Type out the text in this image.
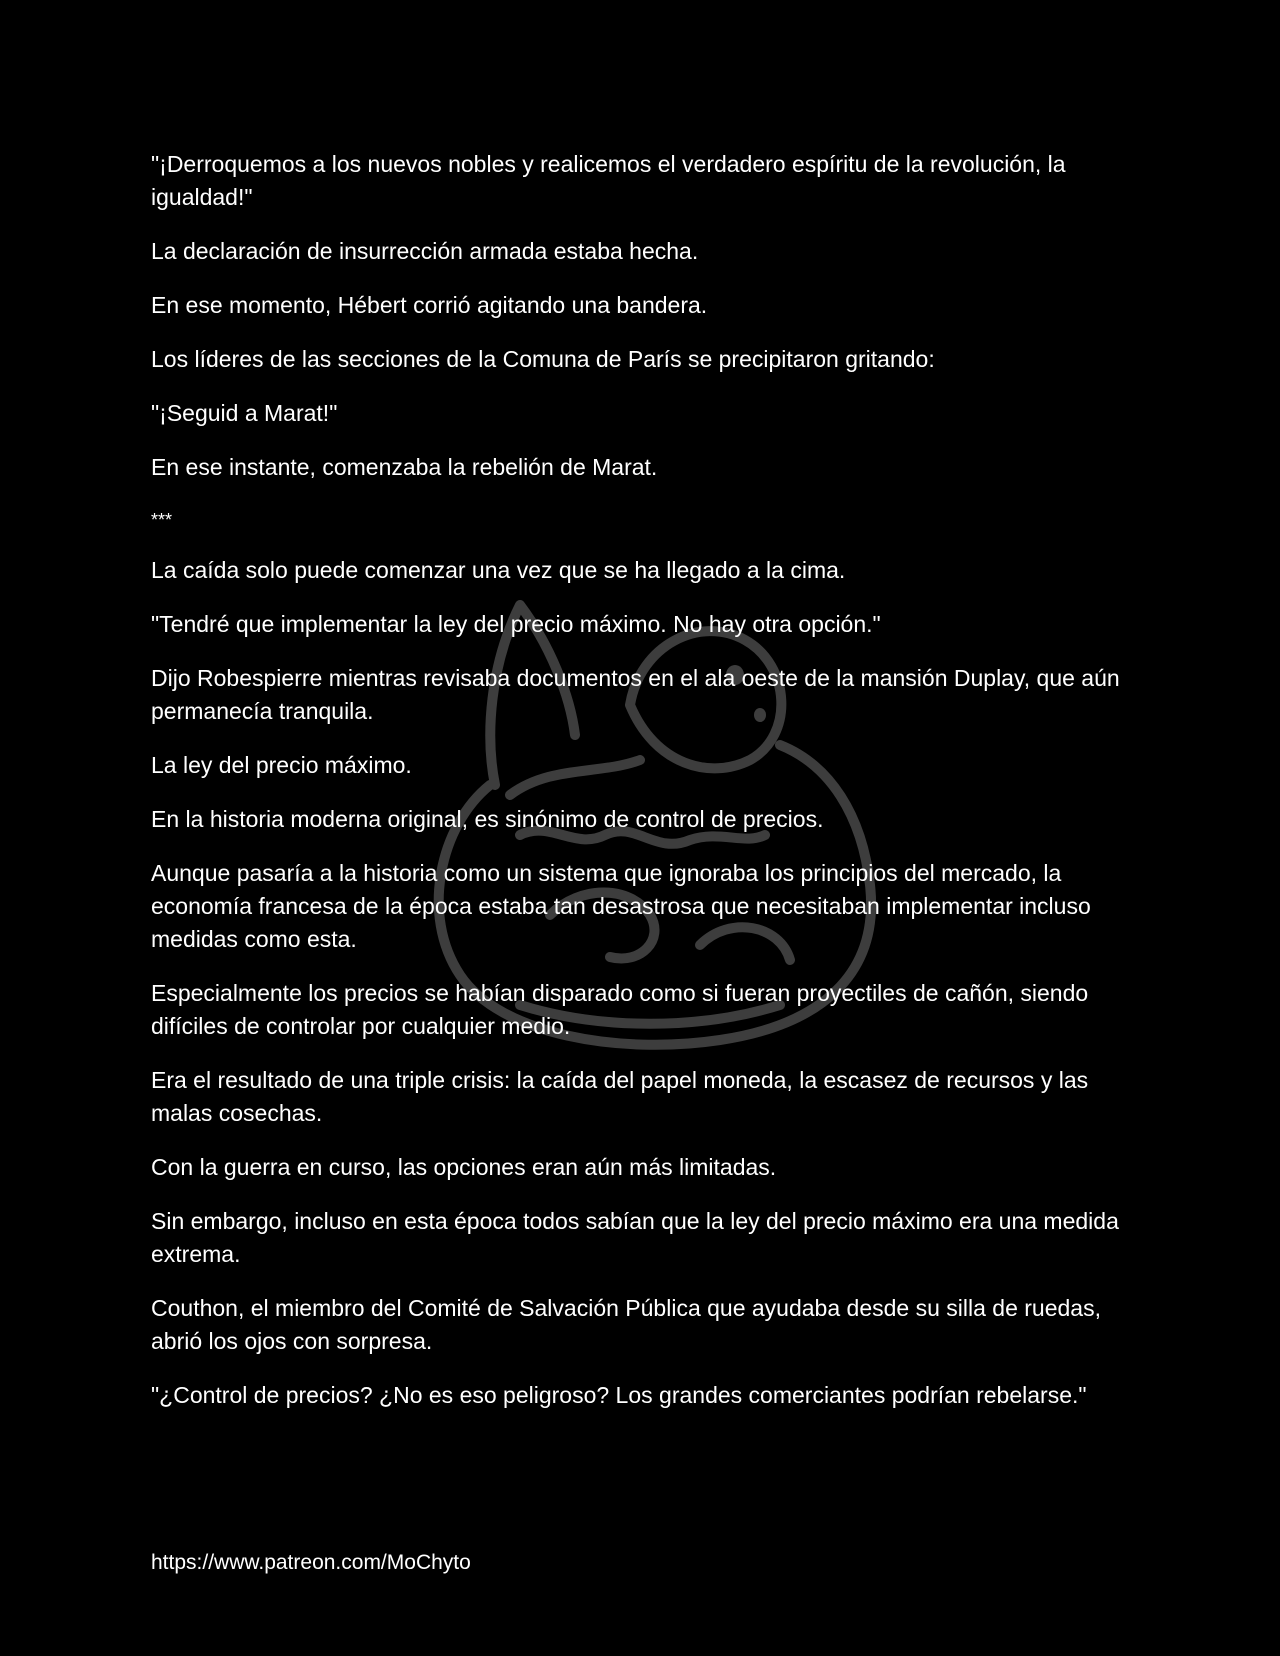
"¡Derroquemos a los nuevos nobles y realicemos el verdadero espíritu de la revolución, la igualdad!"

La declaración de insurrección armada estaba hecha.

En ese momento, Hébert corrió agitando una bandera.

Los líderes de las secciones de la Comuna de París se precipitaron gritando:

"¡Seguid a Marat!"

En ese instante, comenzaba la rebelión de Marat.

***

La caída solo puede comenzar una vez que se ha llegado a la cima.

"Tendré que implementar la ley del precio máximo. No hay otra opción."

Dijo Robespierre mientras revisaba documentos en el ala oeste de la mansión Duplay, que aún permanecía tranquila.

La ley del precio máximo.

En la historia moderna original, es sinónimo de control de precios.

Aunque pasaría a la historia como un sistema que ignoraba los principios del mercado, la economía francesa de la época estaba tan desastrosa que necesitaban implementar incluso medidas como esta.

Especialmente los precios se habían disparado como si fueran proyectiles de cañón, siendo difíciles de controlar por cualquier medio.

Era el resultado de una triple crisis: la caída del papel moneda, la escasez de recursos y las malas cosechas.

Con la guerra en curso, las opciones eran aún más limitadas.

Sin embargo, incluso en esta época todos sabían que la ley del precio máximo era una medida extrema.

Couthon, el miembro del Comité de Salvación Pública que ayudaba desde su silla de ruedas, abrió los ojos con sorpresa.

"¿Control de precios? ¿No es eso peligroso? Los grandes comerciantes podrían rebelarse."

https://www.patreon.com/MoChyto
